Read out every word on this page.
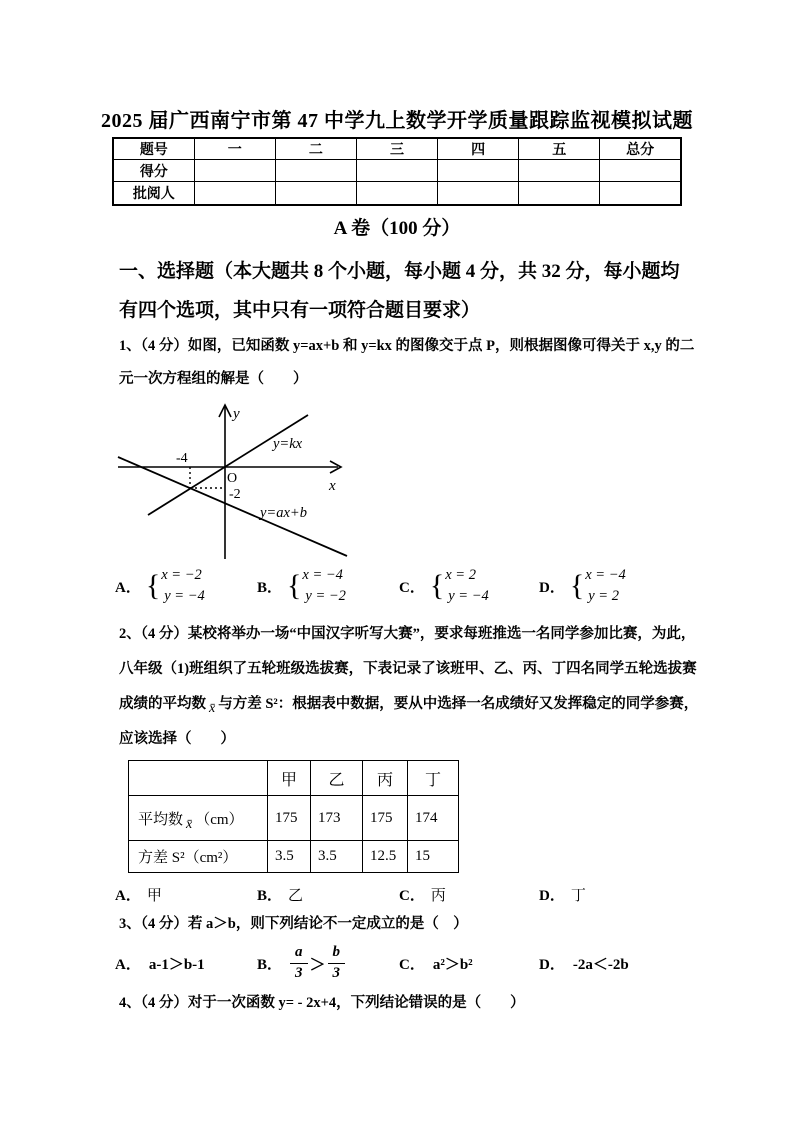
2025 届广西南宁市第 47 中学九上数学开学质量跟踪监视模拟试题
题号	一	二	三	四	五	总分
得分						
批阅人						
A 卷（100 分）
一、选择题（本大题共 8 个小题，每小题 4 分，共 32 分，每小题均
有四个选项，其中只有一项符合题目要求）
1、（4 分）如图，已知函数 y=ax+b 和 y=kx 的图像交于点 P，则根据图像可得关于 x,y 的二
元一次方程组的解是（　　）
y
x
O
-4
-2
y=kx
y=ax+b
A． { x = −2
y = −4
B． { x = −4
y = −2
C． { x = 2
y = −4
D． { x = −4
y = 2
2、（4 分）某校将举办一场“中国汉字听写大赛”，要求每班推选一名同学参加比赛，为此，
八年级（1)班组织了五轮班级选拔赛，下表记录了该班甲、乙、丙、丁四名同学五轮选拔赛
成绩的平均数 x̄ 与方差 S²：根据表中数据，要从中选择一名成绩好又发挥稳定的同学参赛，
应该选择（　　）
	甲	乙	丙	丁
平均数 x̄ （cm）	175	173	175	174
方差 S²（cm²）	3.5	3.5	12.5	15
A． 甲	B． 乙	C． 丙	D． 丁
3、（4 分）若 a＞b，则下列结论不一定成立的是（　）
A． a-1＞b-1	B． $\frac{a}{3} > \frac{b}{3}$	C． a²＞b²	D． -2a＜-2b
4、（4 分）对于一次函数 y= - 2x+4，下列结论错误的是（　　）
